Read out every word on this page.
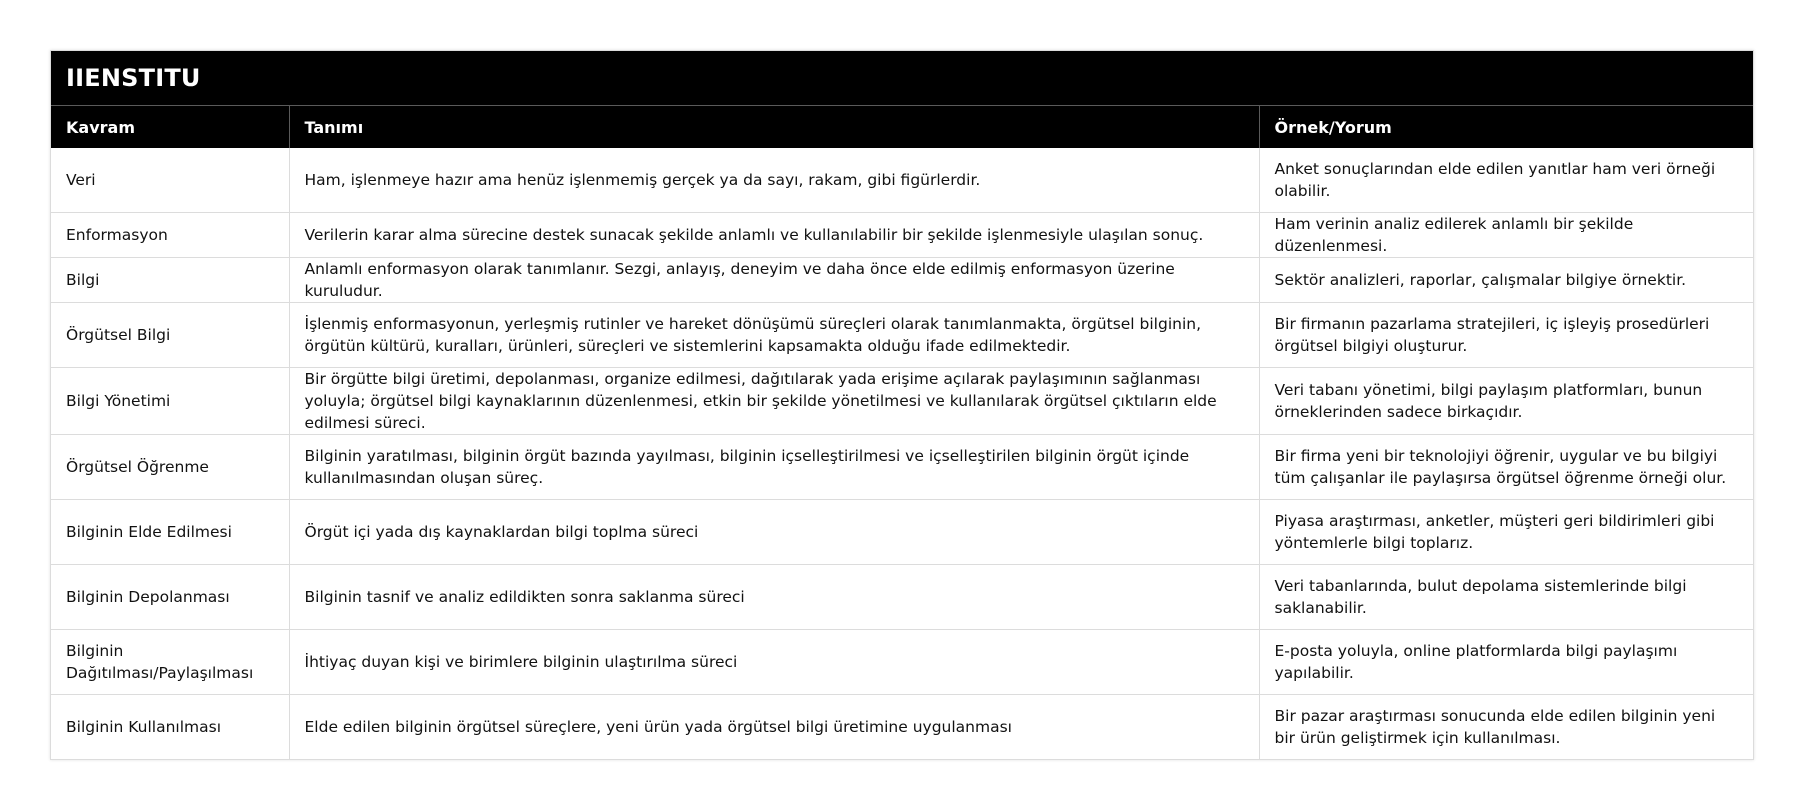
IIENSTITU
Kavram	Tanımı	Örnek/Yorum
Veri	Ham, işlenmeye hazır ama henüz işlenmemiş gerçek ya da sayı, rakam, gibi figürlerdir.	Anket sonuçlarından elde edilen yanıtlar ham veri örneği olabilir.
Enformasyon	Verilerin karar alma sürecine destek sunacak şekilde anlamlı ve kullanılabilir bir şekilde işlenmesiyle ulaşılan sonuç.	Ham verinin analiz edilerek anlamlı bir şekilde düzenlenmesi.
Bilgi	Anlamlı enformasyon olarak tanımlanır. Sezgi, anlayış, deneyim ve daha önce elde edilmiş enformasyon üzerine kuruludur.	Sektör analizleri, raporlar, çalışmalar bilgiye örnektir.
Örgütsel Bilgi	İşlenmiş enformasyonun, yerleşmiş rutinler ve hareket dönüşümü süreçleri olarak tanımlanmakta, örgütsel bilginin, örgütün kültürü, kuralları, ürünleri, süreçleri ve sistemlerini kapsamakta olduğu ifade edilmektedir.	Bir firmanın pazarlama stratejileri, iç işleyiş prosedürleri örgütsel bilgiyi oluşturur.
Bilgi Yönetimi	Bir örgütte bilgi üretimi, depolanması, organize edilmesi, dağıtılarak yada erişime açılarak paylaşımının sağlanması yoluyla; örgütsel bilgi kaynaklarının düzenlenmesi, etkin bir şekilde yönetilmesi ve kullanılarak örgütsel çıktıların elde edilmesi süreci.	Veri tabanı yönetimi, bilgi paylaşım platformları, bunun örneklerinden sadece birkaçıdır.
Örgütsel Öğrenme	Bilginin yaratılması, bilginin örgüt bazında yayılması, bilginin içselleştirilmesi ve içselleştirilen bilginin örgüt içinde kullanılmasından oluşan süreç.	Bir firma yeni bir teknolojiyi öğrenir, uygular ve bu bilgiyi tüm çalışanlar ile paylaşırsa örgütsel öğrenme örneği olur.
Bilginin Elde Edilmesi	Örgüt içi yada dış kaynaklardan bilgi toplma süreci	Piyasa araştırması, anketler, müşteri geri bildirimleri gibi yöntemlerle bilgi toplarız.
Bilginin Depolanması	Bilginin tasnif ve analiz edildikten sonra saklanma süreci	Veri tabanlarında, bulut depolama sistemlerinde bilgi saklanabilir.
Bilginin Dağıtılması/Paylaşılması	İhtiyaç duyan kişi ve birimlere bilginin ulaştırılma süreci	E-posta yoluyla, online platformlarda bilgi paylaşımı yapılabilir.
Bilginin Kullanılması	Elde edilen bilginin örgütsel süreçlere, yeni ürün yada örgütsel bilgi üretimine uygulanması	Bir pazar araştırması sonucunda elde edilen bilginin yeni bir ürün geliştirmek için kullanılması.
